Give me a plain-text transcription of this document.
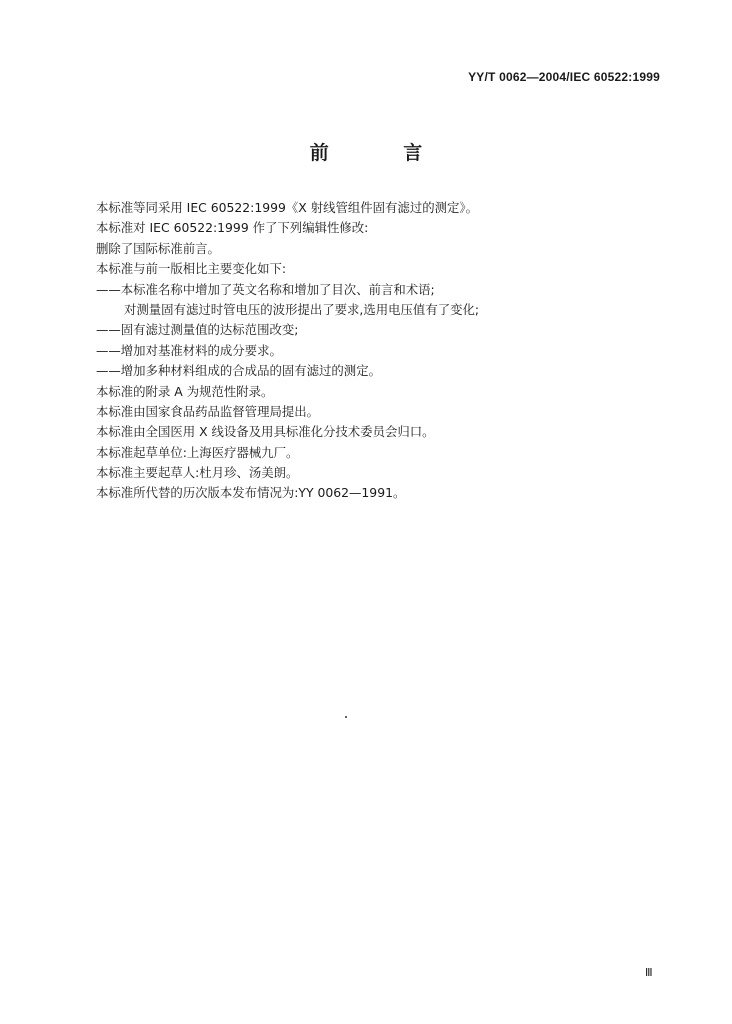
YY/T 0062—2004/IEC 60522:1999
前 言
本标准等同采用 IEC 60522:1999《X 射线管组件固有滤过的测定》。
本标准对 IEC 60522:1999 作了下列编辑性修改:
删除了国际标准前言。
本标准与前一版相比主要变化如下:
——本标准名称中增加了英文名称和增加了目次、前言和术语;
对测量固有滤过时管电压的波形提出了要求,选用电压值有了变化;
——固有滤过测量值的达标范围改变;
——增加对基准材料的成分要求。
——增加多种材料组成的合成品的固有滤过的测定。
本标准的附录 A 为规范性附录。
本标准由国家食品药品监督管理局提出。
本标准由全国医用 X 线设备及用具标准化分技术委员会归口。
本标准起草单位:上海医疗器械九厂。
本标准主要起草人:杜月珍、汤美朗。
本标准所代替的历次版本发布情况为:YY 0062—1991。
Ⅲ
